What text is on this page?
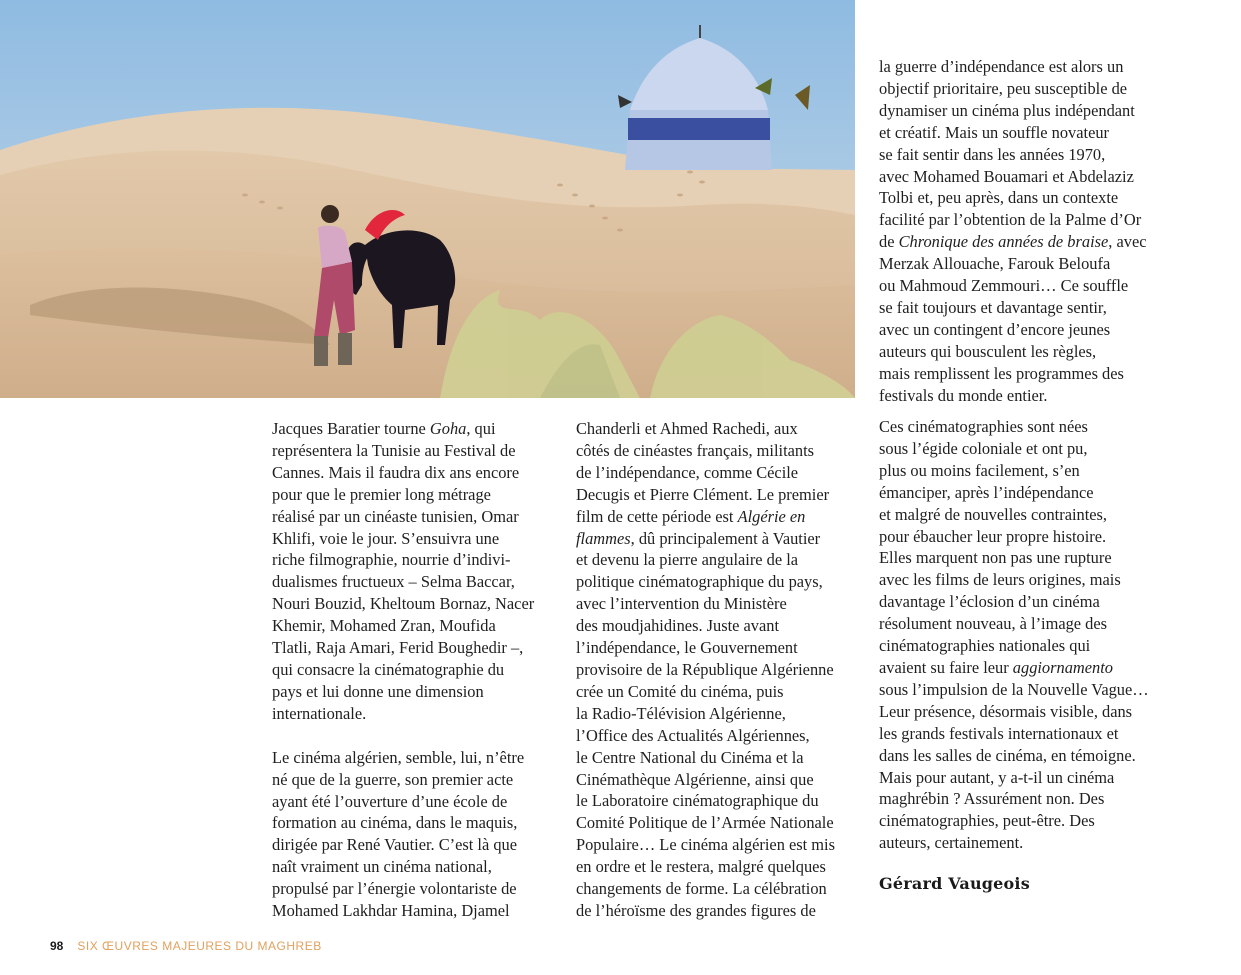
Jacques Baratier tourne Goha, qui
représentera la Tunisie au Festival de
Cannes. Mais il faudra dix ans encore
pour que le premier long métrage
réalisé par un cinéaste tunisien, Omar
Khlifi, voie le jour. S’ensuivra une
riche filmographie, nourrie d’indivi-
dualismes fructueux – Selma Baccar,
Nouri Bouzid, Kheltoum Bornaz, Nacer
Khemir, Mohamed Zran, Moufida
Tlatli, Raja Amari, Ferid Boughedir –,
qui consacre la cinématographie du
pays et lui donne une dimension
internationale.

Le cinéma algérien, semble, lui, n’être
né que de la guerre, son premier acte
ayant été l’ouverture d’une école de
formation au cinéma, dans le maquis,
dirigée par René Vautier. C’est là que
naît vraiment un cinéma national,
propulsé par l’énergie volontariste de
Mohamed Lakhdar Hamina, Djamel

Chanderli et Ahmed Rachedi, aux
côtés de cinéastes français, militants
de l’indépendance, comme Cécile
Decugis et Pierre Clément. Le premier
film de cette période est Algérie en
flammes, dû principalement à Vautier
et devenu la pierre angulaire de la
politique cinématographique du pays,
avec l’intervention du Ministère
des moudjahidines. Juste avant
l’indépendance, le Gouvernement
provisoire de la République Algérienne
crée un Comité du cinéma, puis
la Radio-Télévision Algérienne,
l’Office des Actualités Algériennes,
le Centre National du Cinéma et la
Cinémathèque Algérienne, ainsi que
le Laboratoire cinématographique du
Comité Politique de l’Armée Nationale
Populaire… Le cinéma algérien est mis
en ordre et le restera, malgré quelques
changements de forme. La célébration
de l’héroïsme des grandes figures de

la guerre d’indépendance est alors un
objectif prioritaire, peu susceptible de
dynamiser un cinéma plus indépendant
et créatif. Mais un souffle novateur
se fait sentir dans les années 1970,
avec Mohamed Bouamari et Abdelaziz
Tolbi et, peu après, dans un contexte
facilité par l’obtention de la Palme d’Or
de Chronique des années de braise, avec
Merzak Allouache, Farouk Beloufa
ou Mahmoud Zemmouri… Ce souffle
se fait toujours et davantage sentir,
avec un contingent d’encore jeunes
auteurs qui bousculent les règles,
mais remplissent les programmes des
festivals du monde entier.

Ces cinématographies sont nées
sous l’égide coloniale et ont pu,
plus ou moins facilement, s’en
émanciper, après l’indépendance
et malgré de nouvelles contraintes,
pour ébaucher leur propre histoire.
Elles marquent non pas une rupture
avec les films de leurs origines, mais
davantage l’éclosion d’un cinéma
résolument nouveau, à l’image des
cinématographies nationales qui
avaient su faire leur aggiornamento
sous l’impulsion de la Nouvelle Vague…
Leur présence, désormais visible, dans
les grands festivals internationaux et
dans les salles de cinéma, en témoigne.
Mais pour autant, y a-t-il un cinéma
maghrébin ? Assurément non. Des
cinématographies, peut-être. Des
auteurs, certainement.

Gérard Vaugeois
98 SIX ŒUVRES MAJEURES DU MAGHREB
